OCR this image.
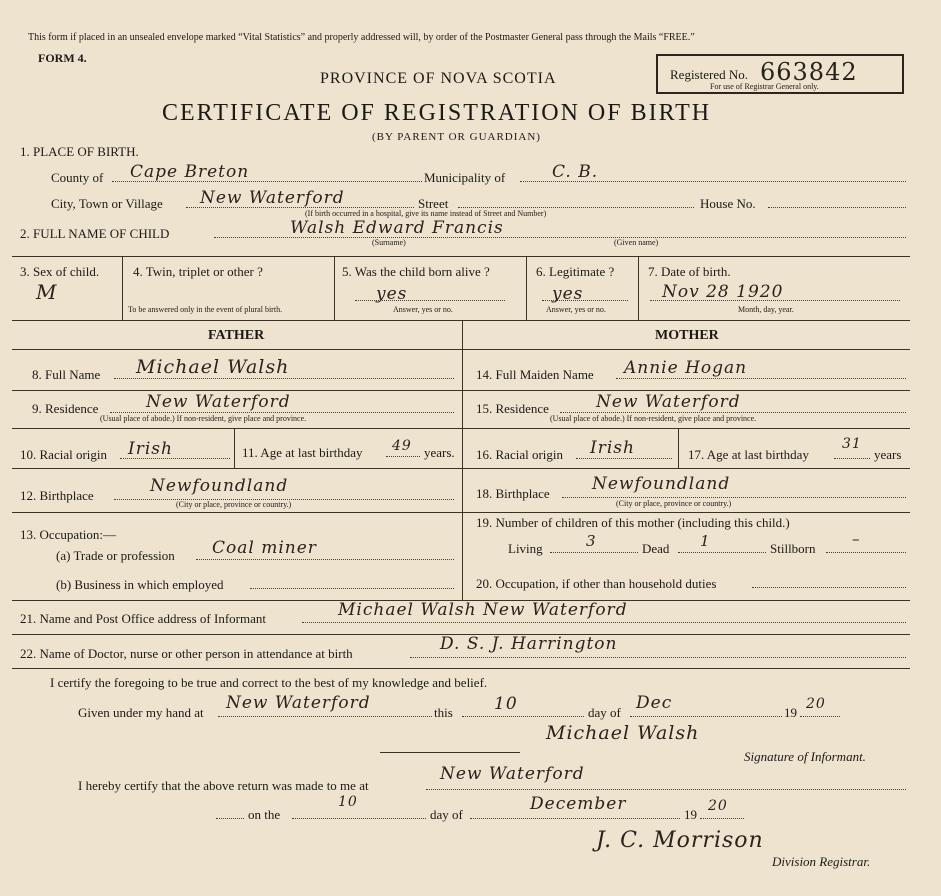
This form if placed in an unsealed envelope marked “Vital Statistics” and properly addressed will, by order of the Postmaster General pass through the Mails “FREE.”
FORM 4.
PROVINCE OF NOVA SCOTIA
CERTIFICATE OF REGISTRATION OF BIRTH
(BY PARENT OR GUARDIAN)
Registered No. 663842
For use of Registrar General only.
1. PLACE OF BIRTH.
County of Cape Breton	Municipality of	C. B.
City, Town or Village New Waterford	Street	House No.
(If birth occurred in a hospital, give its name instead of Street and Number)
2. FULL NAME OF CHILD	Walsh Edward Francis
(Surname)	(Given name)
3. Sex of child.
M
4. Twin, triplet or other ?
To be answered only in the event of plural birth.
5. Was the child born alive ?
yes
Answer, yes or no.
6. Legitimate ?
yes
Answer, yes or no.
7. Date of birth.
Nov 28 1920
Month, day, year.
FATHER	MOTHER
8. Full Name Michael Walsh
9. Residence	New Waterford
(Usual place of abode.) If non-resident, give place and province.
10. Racial origin Irish	11. Age at last birthday 49 years.
12. Birthplace	Newfoundland
(City or place, province or country.)
13. Occupation:—
(a) Trade or profession Coal miner
(b) Business in which employed
14. Full Maiden Name Annie Hogan
15. Residence	New Waterford
(Usual place of abode.) If non-resident, give place and province.
16. Racial origin Irish	17. Age at last birthday
31
years
18. Birthplace Newfoundland
(City or place, province or country.)
19. Number of children of this mother (including this child.)
Living	3	Dead 1	Stillborn
–
20. Occupation, if other than household duties
21. Name and Post Office address of Informant	Michael Walsh New Waterford
22. Name of Doctor, nurse or other person in attendance at birth	D. S. J. Harrington
I certify the foregoing to be true and correct to the best of my knowledge and belief.
Given under my hand at New Waterford	this 10	day of Dec	19
20
Michael Walsh
Signature of Informant.
I hereby certify that the above return was made to me at
New Waterford
on the
10
day of
December
19
20
J. C. Morrison
Division Registrar.
